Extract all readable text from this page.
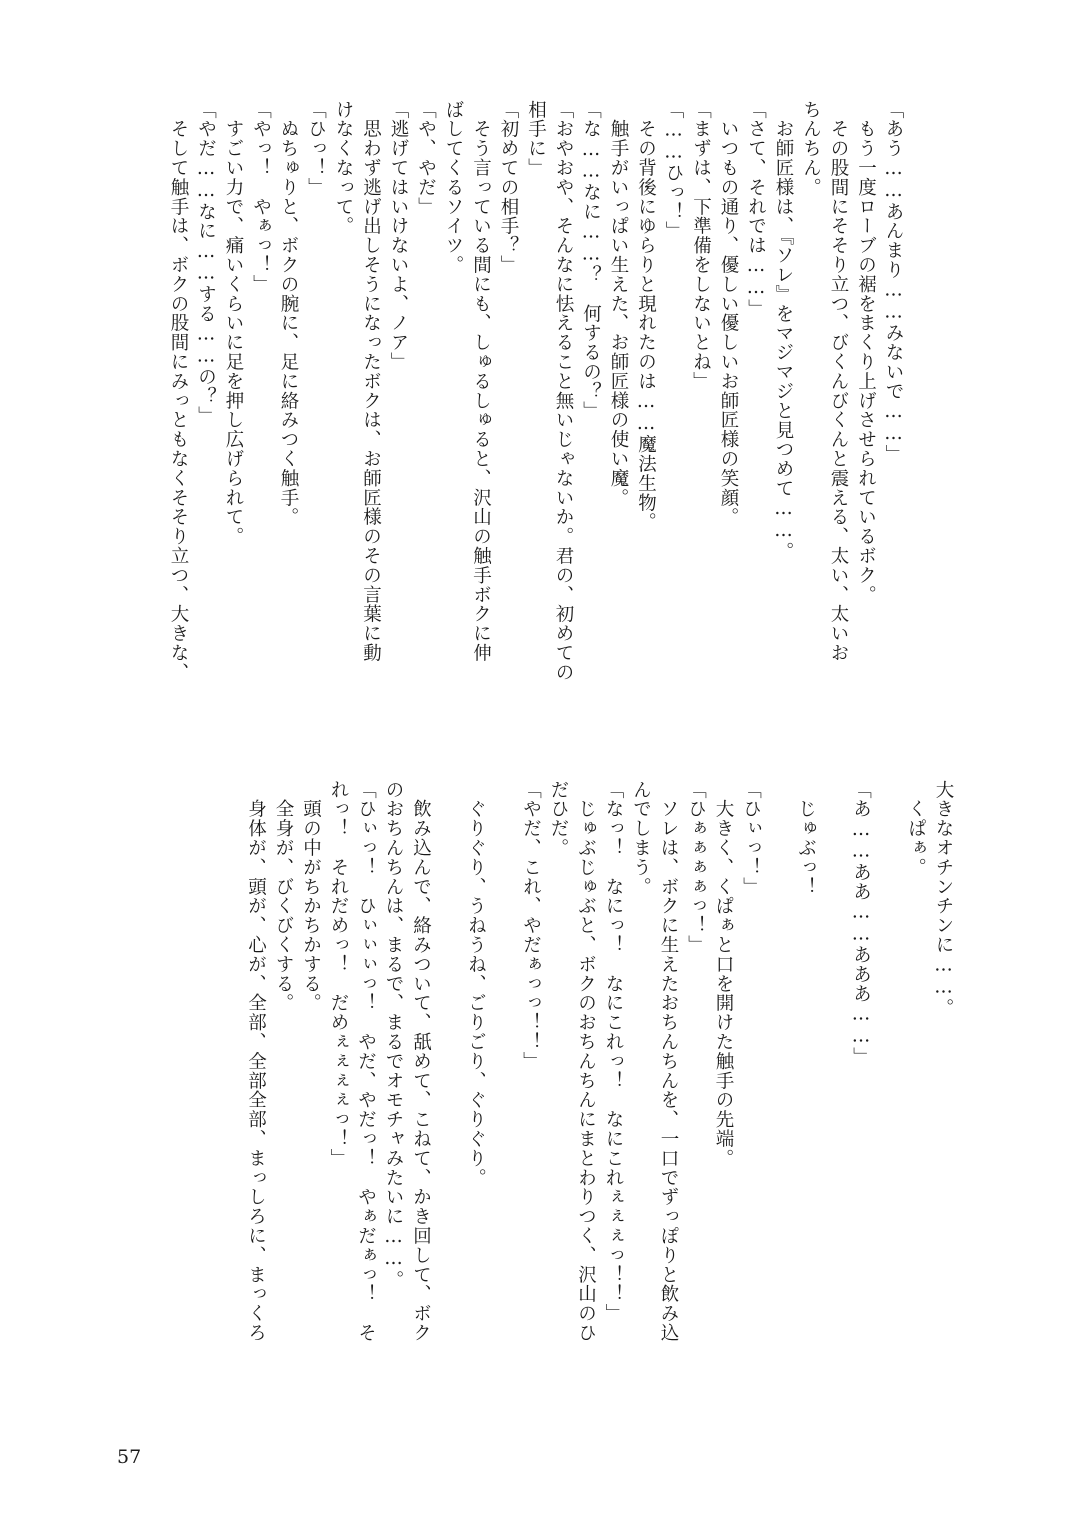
「あう……あんまり……みないで……」
　もう一度ローブの裾をまくり上げさせられているボク。
　その股間にそそり立つ、びくんびくんと震える、太い、太いお
ちんちん。
　お師匠様は、『ソレ』をマジマジと見つめて……。
「さて、それでは……」
　いつもの通り、優しい優しいお師匠様の笑顔。
「まずは、下準備をしないとね」
「……ひっ！」
　その背後にゆらりと現れたのは……魔法生物。
　触手がいっぱい生えた、お師匠様の使い魔。
「な……なに……？　何するの？」
「おやおや、そんなに怯えること無いじゃないか。君の、初めての
相手に」
「初めての相手？」
　そう言っている間にも、しゅるしゅると、沢山の触手ボクに伸
ばしてくるソイツ。
「や、やだ」
「逃げてはいけないよ、ノア」
　思わず逃げ出しそうになったボクは、お師匠様のその言葉に動
けなくなって。
「ひっ！」
　ぬちゅりと、ボクの腕に、足に絡みつく触手。
「やっ！　やぁっ！」
　すごい力で、痛いくらいに足を押し広げられて。
「やだ……なに……する……の？」
　そして触手は、ボクの股間にみっともなくそそり立つ、大きな、
大きなオチンチンに……。
　くぱぁ。

「あ……ああ……あああ……」

　じゅぶっ！

「ひぃっ！」
　大きく、くぱぁと口を開けた触手の先端。
「ひぁぁぁぁっ！」
　ソレは、ボクに生えたおちんちんを、一口でずっぽりと飲み込
んでしまう。
「なっ！　なにっ！　なにこれっ！　なにこれぇぇぇっ！！」
　じゅぶじゅぶと、ボクのおちんちんにまとわりつく、沢山のひ
だひだ。
「やだ、これ、やだぁっっ！！」

　ぐりぐり、うねうね、ごりごり、ぐりぐり。

　飲み込んで、絡みついて、舐めて、こねて、かき回して、ボク
のおちんちんは、まるで、まるでオモチャみたいに……。
「ひぃっ！　ひぃぃぃっ！　やだ、やだっ！　やぁだぁっ！　そ
れっ！　それだめっ！　だめぇぇぇぇっ！」
　頭の中がちかちかする。
　全身が、びくびくする。
　身体が、頭が、心が、全部、全部全部、まっしろに、まっくろ
57
